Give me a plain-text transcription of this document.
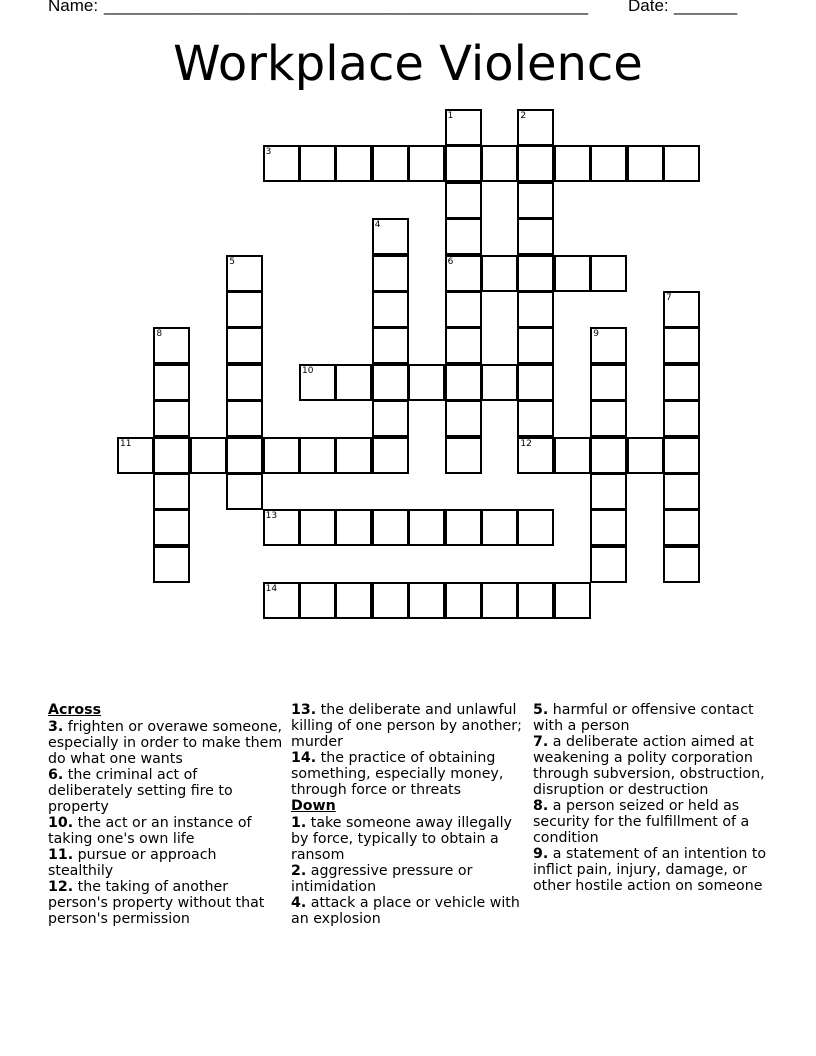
Name: ______________________________________________________ Date: _______
Workplace Violence
1
6
2
12
3
4
5
7
8	9
10
11
13
14
Across
3. frighten or overawe someone, especially in order to make them do what one wants
6. the criminal act of deliberately setting fire to property
10. the act or an instance of taking one's own life
11. pursue or approach stealthily
12. the taking of another person's property without that person's permission
13. the deliberate and unlawful killing of one person by another; murder
14. the practice of obtaining something, especially money, through force or threats
Down
1. take someone away illegally by force, typically to obtain a ransom
2. aggressive pressure or intimidation
4. attack a place or vehicle with an explosion
5. harmful or offensive contact with a person
7. a deliberate action aimed at weakening a polity corporation through subversion, obstruction, disruption or destruction
8. a person seized or held as security for the fulfillment of a condition
9. a statement of an intention to inflict pain, injury, damage, or other hostile action on someone
